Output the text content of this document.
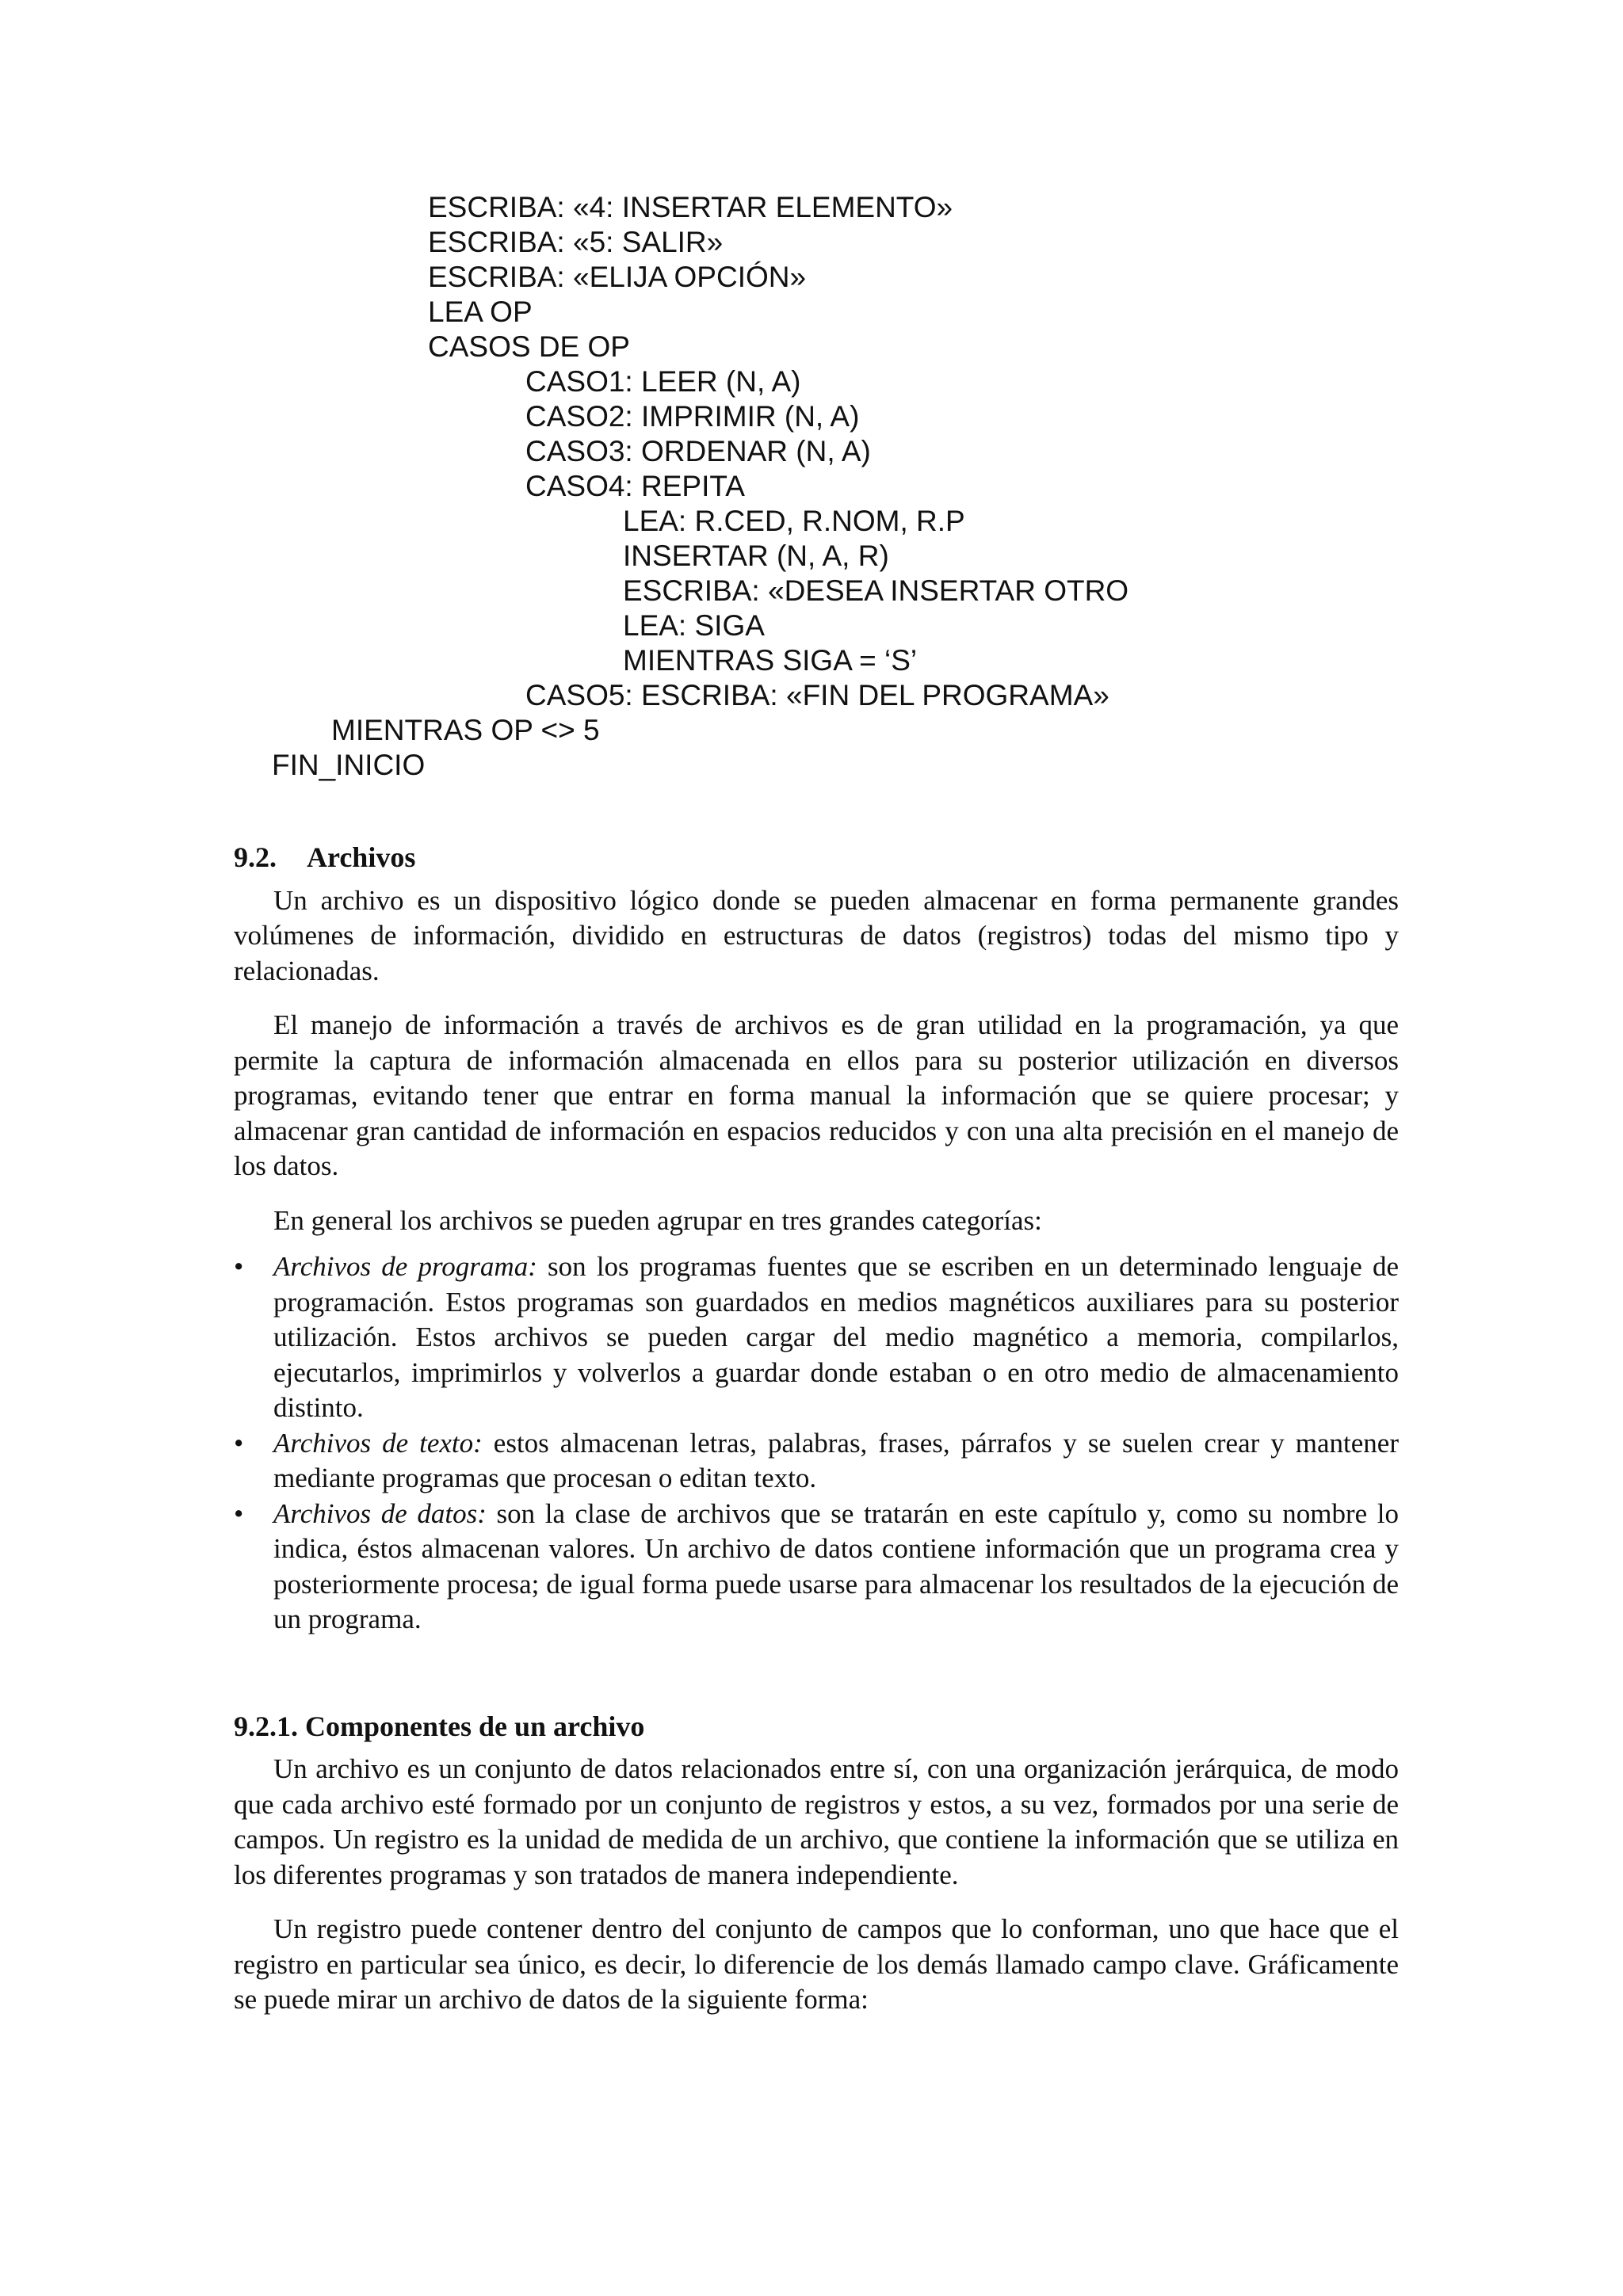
ESCRIBA: «4: INSERTAR ELEMENTO»
ESCRIBA: «5: SALIR»
ESCRIBA: «ELIJA OPCIÓN»
LEA OP
CASOS DE OP
CASO1: LEER (N, A)
CASO2: IMPRIMIR (N, A)
CASO3: ORDENAR (N, A)
CASO4: REPITA
LEA: R.CED, R.NOM, R.P
INSERTAR (N, A, R)
ESCRIBA: «DESEA INSERTAR OTRO
LEA: SIGA
MIENTRAS SIGA = ‘S’
CASO5: ESCRIBA: «FIN DEL PROGRAMA»
MIENTRAS OP <> 5
FIN_INICIO
9.2. Archivos

Un archivo es un dispositivo lógico donde se pueden almacenar en forma permanente grandes volúmenes de información, dividido en estructuras de datos (registros) todas del mismo tipo y relacionadas.

El manejo de información a través de archivos es de gran utilidad en la programación, ya que permite la captura de información almacenada en ellos para su posterior utilización en diversos programas, evitando tener que entrar en forma manual la información que se quiere procesar; y almacenar gran cantidad de información en espacios reducidos y con una alta precisión en el manejo de los datos.

En general los archivos se pueden agrupar en tres grandes categorías:

• Archivos de programa: son los programas fuentes que se escriben en un determinado lenguaje de programación. Estos programas son guardados en medios magnéticos auxiliares para su posterior utilización. Estos archivos se pueden cargar del medio magnético a memoria, compilarlos, ejecutarlos, imprimirlos y volverlos a guardar donde estaban o en otro medio de almacenamiento distinto.
• Archivos de texto: estos almacenan letras, palabras, frases, párrafos y se suelen crear y mantener mediante programas que procesan o editan texto.
• Archivos de datos: son la clase de archivos que se tratarán en este capítulo y, como su nombre lo indica, éstos almacenan valores. Un archivo de datos contiene información que un programa crea y posteriormente procesa; de igual forma puede usarse para almacenar los resultados de la ejecución de un programa.
9.2.1. Componentes de un archivo

Un archivo es un conjunto de datos relacionados entre sí, con una organización jerárquica, de modo que cada archivo esté formado por un conjunto de registros y estos, a su vez, formados por una serie de campos. Un registro es la unidad de medida de un archivo, que contiene la información que se utiliza en los diferentes programas y son tratados de manera independiente.

Un registro puede contener dentro del conjunto de campos que lo conforman, uno que hace que el registro en particular sea único, es decir, lo diferencie de los demás llamado campo clave. Gráficamente se puede mirar un archivo de datos de la siguiente forma:
